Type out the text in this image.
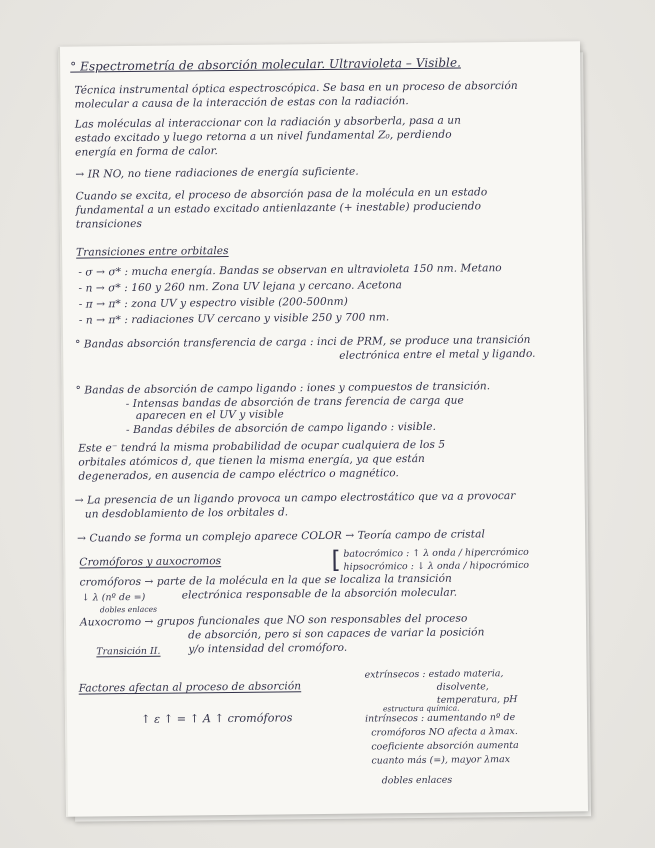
° Espectrometría de absorción molecular. Ultravioleta – Visible.
Técnica instrumental óptica espectroscópica. Se basa en un proceso de absorción
molecular a causa de la interacción de estas con la radiación.
Las moléculas al interaccionar con la radiación y absorberla, pasa a un
estado excitado y luego retorna a un nivel fundamental Z₀, perdiendo
energía en forma de calor.
→ IR NO, no tiene radiaciones de energía suficiente.
Cuando se excita, el proceso de absorción pasa de la molécula en un estado
fundamental a un estado excitado antienlazante (+ inestable) produciendo
transiciones
Transiciones entre orbitales
- σ → σ* : mucha energía. Bandas se observan en ultravioleta 150 nm. Metano
- n → σ* : 160 y 260 nm. Zona UV lejana y cercano. Acetona
- π → π* : zona UV y espectro visible (200-500nm)
- n → π* : radiaciones UV cercano y visible 250 y 700 nm.
° Bandas absorción transferencia de carga : inci de PRM, se produce una transición
electrónica entre el metal y ligando.
° Bandas de absorción de campo ligando : iones y compuestos de transición.
- Intensas bandas de absorción de trans ferencia de carga que
aparecen en el UV y visible
- Bandas débiles de absorción de campo ligando : visible.
Este e⁻ tendrá la misma probabilidad de ocupar cualquiera de los 5
orbitales atómicos d, que tienen la misma energía, ya que están
degenerados, en ausencia de campo eléctrico o magnético.
→ La presencia de un ligando provoca un campo electrostático que va a provocar
un desdoblamiento de los orbitales d.
→ Cuando se forma un complejo aparece COLOR → Teoría campo de cristal
Cromóforos y auxocromos	[ batocrómico : ↑ λ onda / hipercrómico
hipsocrómico : ↓ λ onda / hipocrómico
cromóforos → parte de la molécula en la que se localiza la transición
↓ λ (nº de =)	electrónica responsable de la absorción molecular.
dobles enlaces
Auxocromo → grupos funcionales que NO son responsables del proceso
de absorción, pero si son capaces de variar la posición
Transición II.	y/o intensidad del cromóforo.
Factores afectan al proceso de absorción
extrínsecos : estado materia,
disolvente,
temperatura, pH
estructura química.
↑ ε ↑ = ↑ A ↑ cromóforos	intrínsecos : aumentando nº de
cromóforos NO afecta a λmax.
coeficiente absorción aumenta
cuanto más (=), mayor λmax
dobles enlaces
